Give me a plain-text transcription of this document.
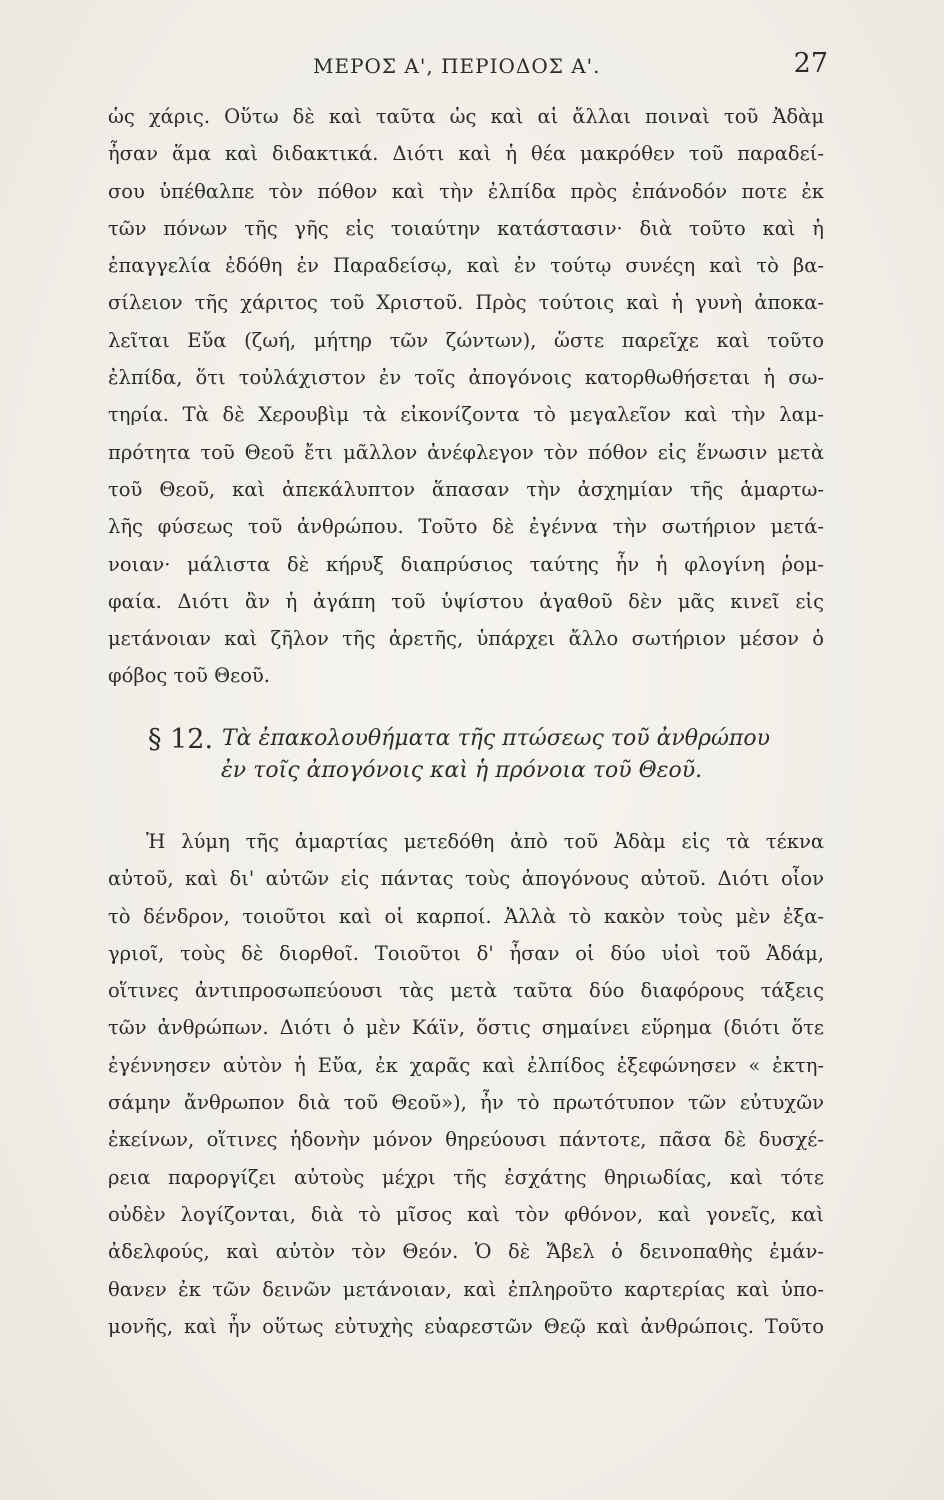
ΜΕΡΟΣ Α', ΠΕΡΙΟΔΟΣ Α'.	27
ὡς χάρις. Οὕτω δὲ καὶ ταῦτα ὡς καὶ αἱ ἄλλαι ποιναὶ τοῦ Ἀδὰμ
ἦσαν ἅμα καὶ διδακτικά. Διότι καὶ ἡ θέα μακρόθεν τοῦ παραδεί-
σου ὑπέθαλπε τὸν πόθον καὶ τὴν ἐλπίδα πρὸς ἐπάνοδόν ποτε ἐκ
τῶν πόνων τῆς γῆς εἰς τοιαύτην κατάστασιν· διὰ τοῦτο καὶ ἡ
ἐπαγγελία ἐδόθη ἐν Παραδείσῳ, καὶ ἐν τούτῳ συνέςη καὶ τὸ βα-
σίλειον τῆς χάριτος τοῦ Χριστοῦ. Πρὸς τούτοις καὶ ἡ γυνὴ ἀποκα-
λεῖται Εὔα (ζωή, μήτηρ τῶν ζώντων), ὥστε παρεῖχε καὶ τοῦτο
ἐλπίδα, ὅτι τοὐλάχιστον ἐν τοῖς ἀπογόνοις κατορθωθήσεται ἡ σω-
τηρία. Τὰ δὲ Χερουβὶμ τὰ εἰκονίζοντα τὸ μεγαλεῖον καὶ τὴν λαμ-
πρότητα τοῦ Θεοῦ ἔτι μᾶλλον ἀνέφλεγον τὸν πόθον εἰς ἕνωσιν μετὰ
τοῦ Θεοῦ, καὶ ἀπεκάλυπτον ἅπασαν τὴν ἀσχημίαν τῆς ἁμαρτω-
λῆς φύσεως τοῦ ἀνθρώπου. Τοῦτο δὲ ἐγέννα τὴν σωτήριον μετά-
νοιαν· μάλιστα δὲ κήρυξ διαπρύσιος ταύτης ἦν ἡ φλογίνη ῥομ-
φαία. Διότι ἂν ἡ ἀγάπη τοῦ ὑψίστου ἀγαθοῦ δὲν μᾶς κινεῖ εἰς
μετάνοιαν καὶ ζῆλον τῆς ἀρετῆς, ὑπάρχει ἄλλο σωτήριον μέσον ὁ
φόβος τοῦ Θεοῦ.
§ 12. Τὰ ἐπακολουθήματα τῆς πτώσεως τοῦ ἀνθρώπου
ἐν τοῖς ἀπογόνοις καὶ ἡ πρόνοια τοῦ Θεοῦ.
Ἡ λύμη τῆς ἁμαρτίας μετεδόθη ἀπὸ τοῦ Ἀδὰμ εἰς τὰ τέκνα
αὐτοῦ, καὶ δι' αὐτῶν εἰς πάντας τοὺς ἀπογόνους αὐτοῦ. Διότι οἷον
τὸ δένδρον, τοιοῦτοι καὶ οἱ καρποί. Ἀλλὰ τὸ κακὸν τοὺς μὲν ἐξα-
γριοῖ, τοὺς δὲ διορθοῖ. Τοιοῦτοι δ' ἦσαν οἱ δύο υἱοὶ τοῦ Ἀδάμ,
οἵτινες ἀντιπροσωπεύουσι τὰς μετὰ ταῦτα δύο διαφόρους τάξεις
τῶν ἀνθρώπων. Διότι ὁ μὲν Κάϊν, ὅστις σημαίνει εὕρημα (διότι ὅτε
ἐγέννησεν αὐτὸν ἡ Εὔα, ἐκ χαρᾶς καὶ ἐλπίδος ἐξεφώνησεν « ἐκτη-
σάμην ἄνθρωπον διὰ τοῦ Θεοῦ»), ἦν τὸ πρωτότυπον τῶν εὐτυχῶν
ἐκείνων, οἵτινες ἡδονὴν μόνον θηρεύουσι πάντοτε, πᾶσα δὲ δυσχέ-
ρεια παροργίζει αὐτοὺς μέχρι τῆς ἐσχάτης θηριωδίας, καὶ τότε
οὐδὲν λογίζονται, διὰ τὸ μῖσος καὶ τὸν φθόνον, καὶ γονεῖς, καὶ
ἀδελφούς, καὶ αὐτὸν τὸν Θεόν. Ὁ δὲ Ἄβελ ὁ δεινοπαθὴς ἐμάν-
θανεν ἐκ τῶν δεινῶν μετάνοιαν, καὶ ἐπληροῦτο καρτερίας καὶ ὑπο-
μονῆς, καὶ ἦν οὕτως εὐτυχὴς εὐαρεστῶν Θεῷ καὶ ἀνθρώποις. Τοῦτο
